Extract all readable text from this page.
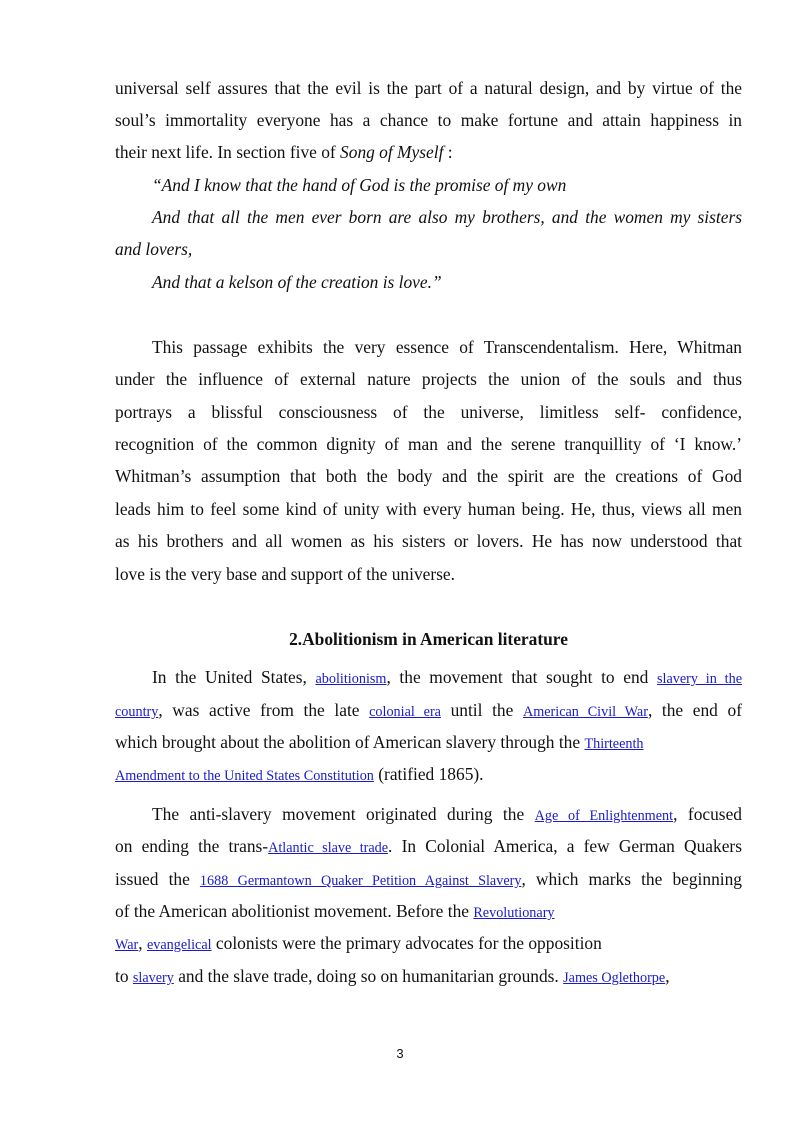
universal self assures that the evil is the part of a natural design, and by virtue of the
soul’s immortality everyone has a chance to make fortune and attain happiness in
their next life. In section five of Song of Myself :
“And I know that the hand of God is the promise of my own
And that all the men ever born are also my brothers, and the women my sisters
and lovers,
And that a kelson of the creation is love.”
This passage exhibits the very essence of Transcendentalism. Here, Whitman
under the influence of external nature projects the union of the souls and thus
portrays a blissful consciousness of the universe, limitless self- confidence,
recognition of the common dignity of man and the serene tranquillity of ‘I know.’
Whitman’s assumption that both the body and the spirit are the creations of God
leads him to feel some kind of unity with every human being. He, thus, views all men
as his brothers and all women as his sisters or lovers. He has now understood that
love is the very base and support of the universe.
2.Abolitionism in American literature
In the United States, abolitionism, the movement that sought to end slavery in the
country, was active from the late colonial era until the American Civil War, the end of
which brought about the abolition of American slavery through the Thirteenth
Amendment to the United States Constitution (ratified 1865).
The anti-slavery movement originated during the Age of Enlightenment, focused
on ending the trans-Atlantic slave trade. In Colonial America, a few German Quakers
issued the 1688 Germantown Quaker Petition Against Slavery, which marks the beginning
of the American abolitionist movement. Before the Revolutionary
War, evangelical colonists were the primary advocates for the opposition
to slavery and the slave trade, doing so on humanitarian grounds. James Oglethorpe,
3
